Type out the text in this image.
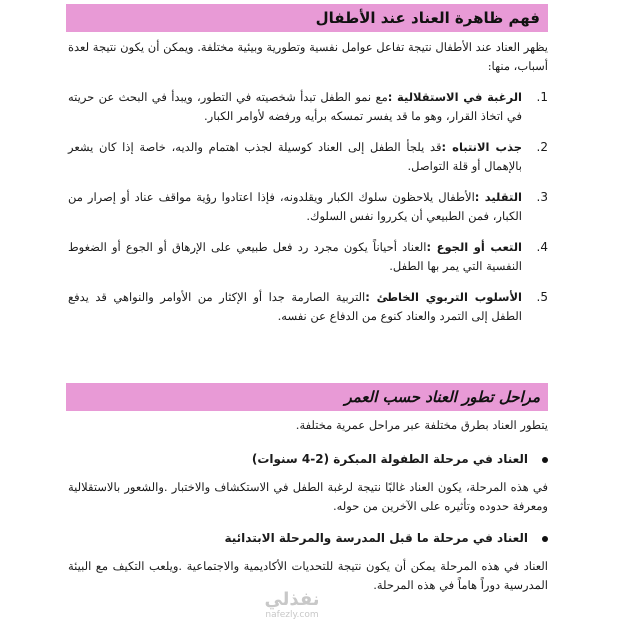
فهم ظاهرة العناد عند الأطفال

يظهر العناد عند الأطفال نتيجة تفاعل عوامل نفسية وتطورية وبيئية مختلفة. ويمكن أن يكون نتيجة لعدة أسباب، منها:

1.
الرغبة في الاستقلالية :مع نمو الطفل تبدأ شخصيته في التطور، ويبدأ في البحث عن حريته في اتخاذ القرار، وهو ما قد يفسر تمسكه برأيه ورفضه لأوامر الكبار.
2.
جذب الانتباه :قد يلجأ الطفل إلى العناد كوسيلة لجذب اهتمام والديه، خاصة إذا كان يشعر بالإهمال أو قلة التواصل.
3.
التقليد :الأطفال يلاحظون سلوك الكبار ويقلدونه، فإذا اعتادوا رؤية مواقف عناد أو إصرار من الكبار، فمن الطبيعي أن يكرروا نفس السلوك.
4.
التعب أو الجوع :العناد أحياناً يكون مجرد رد فعل طبيعي على الإرهاق أو الجوع أو الضغوط النفسية التي يمر بها الطفل.
5.
الأسلوب التربوي الخاطئ :التربية الصارمة جدا أو الإكثار من الأوامر والنواهي قد يدفع الطفل إلى التمرد والعناد كنوع من الدفاع عن نفسه.
مراحل تطور العناد حسب العمر

يتطور العناد بطرق مختلفة عبر مراحل عمرية مختلفة.

العناد في مرحلة الطفولة المبكرة (2-4 سنوات)

في هذه المرحلة، يكون العناد غالبًا نتيجة لرغبة الطفل في الاستكشاف والاختبار .والشعور بالاستقلالية ومعرفة حدوده وتأثيره على الآخرين من حوله.

العناد في مرحلة ما قبل المدرسة والمرحلة الابتدائية

العناد في هذه المرحلة يمكن أن يكون نتيجة للتحديات الأكاديمية والاجتماعية .ويلعب التكيف مع البيئة المدرسية دوراً هاماً في هذه المرحلة.

نفذلي
nafezly.com
